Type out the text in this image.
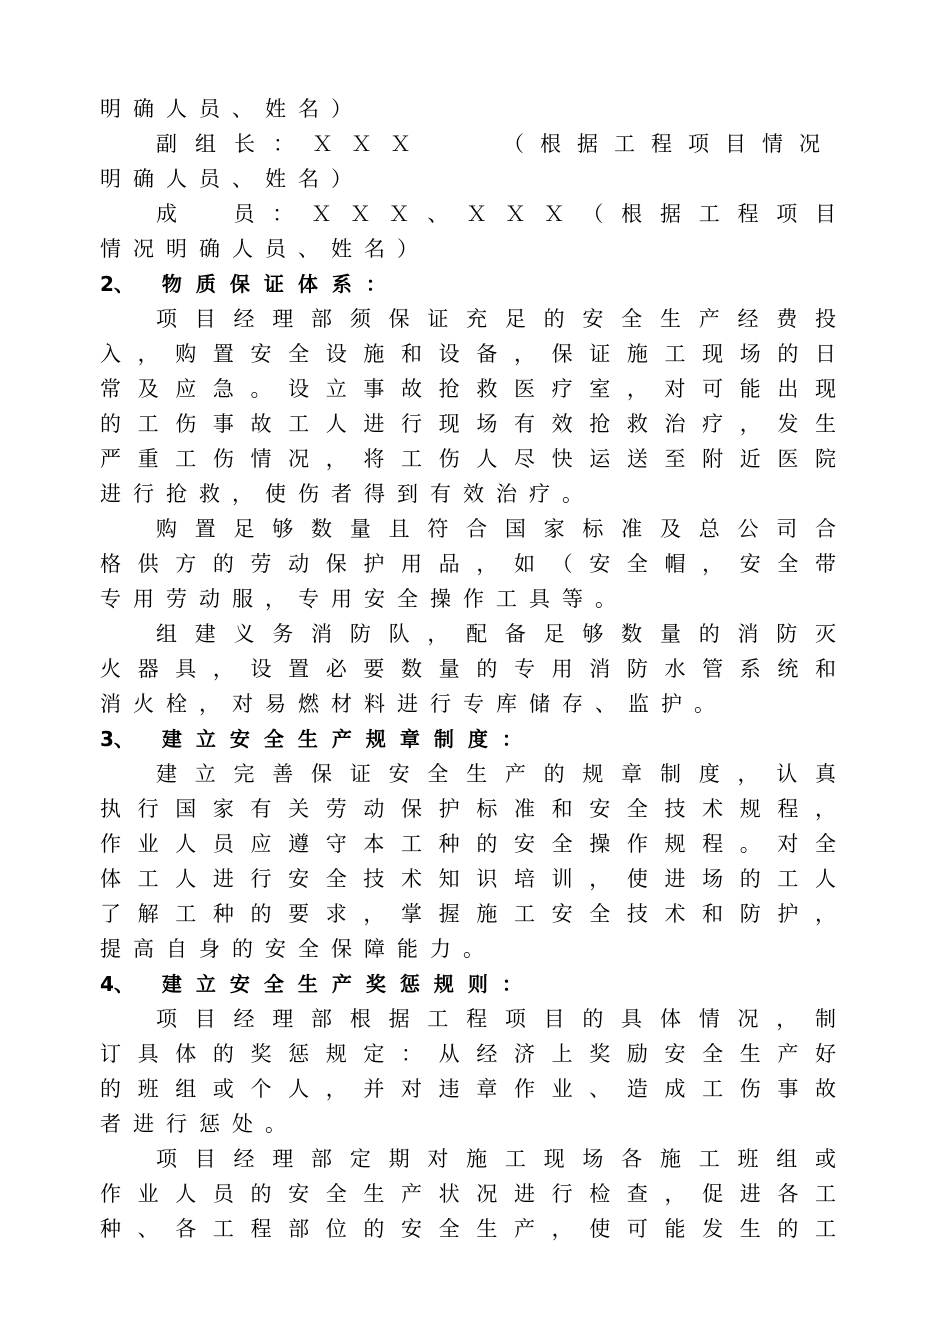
明确人员、姓名）
副组长：ＸＸＸ	（根据工程项目情况
明确人员、姓名）
成　员：ＸＸＸ、ＸＸＸ（根据工程项目
情况明确人员、姓名）
2、 物质保证体系：
项目经理部须保证充足的安全生产经费投
入，购置安全设施和设备，保证施工现场的日
常及应急。设立事故抢救医疗室，对可能出现
的工伤事故工人进行现场有效抢救治疗，发生
严重工伤情况，将工伤人尽快运送至附近医院
进行抢救，使伤者得到有效治疗。
购置足够数量且符合国家标准及总公司合
格供方的劳动保护用品，如（安全帽，安全带
专用劳动服，专用安全操作工具等。
组建义务消防队，配备足够数量的消防灭
火器具，设置必要数量的专用消防水管系统和
消火栓，对易燃材料进行专库储存、监护。
3、 建立安全生产规章制度：
建立完善保证安全生产的规章制度，认真
执行国家有关劳动保护标准和安全技术规程，
作业人员应遵守本工种的安全操作规程。对全
体工人进行安全技术知识培训，使进场的工人
了解工种的要求，掌握施工安全技术和防护，
提高自身的安全保障能力。
4、 建立安全生产奖惩规则：
项目经理部根据工程项目的具体情况，制
订具体的奖惩规定：从经济上奖励安全生产好
的班组或个人，并对违章作业、造成工伤事故
者进行惩处。
项目经理部定期对施工现场各施工班组或
作业人员的安全生产状况进行检查，促进各工
种、各工程部位的安全生产，使可能发生的工
